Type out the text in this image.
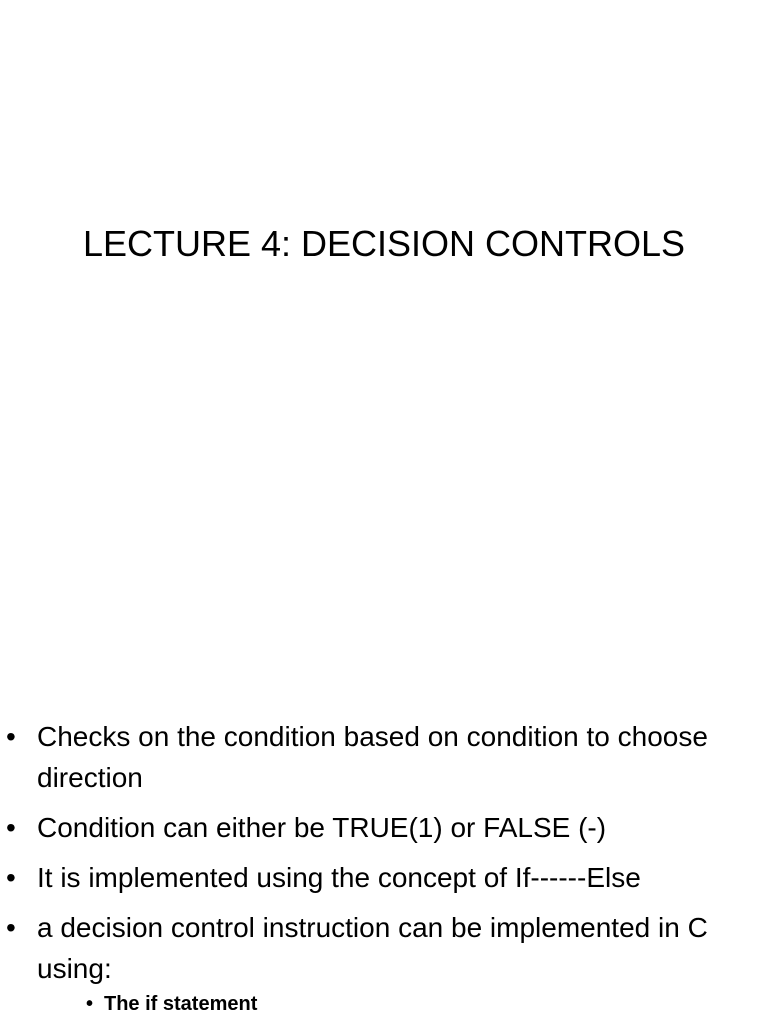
LECTURE 4: DECISION CONTROLS
• Checks on the condition based on condition to choose direction
• Condition can either be TRUE(1) or FALSE (-)
• It is implemented using the concept of If------Else
• a decision control instruction can be implemented in C using:
• The if statement
